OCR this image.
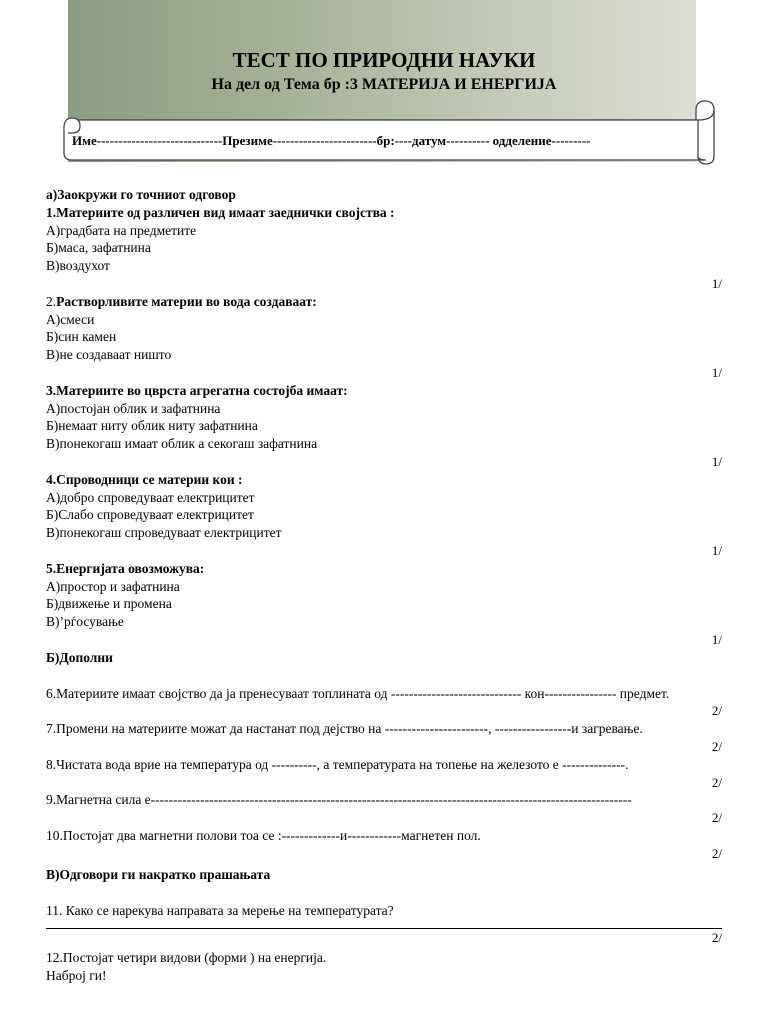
ТЕСТ ПО ПРИРОДНИ НАУКИ
На дел од Тема бр :3 МАТЕРИЈА И ЕНЕРГИЈА
Име-----------------------------Презиме------------------------бр:----датум---------- одделение---------
а)Заокружи го точниот одговор
1.Материите од различен вид имаат заеднички својства :
А)градбата на предметите
Б)маса, зафатнина
В)воздухот
1/
2.Растворливите материи во вода создаваат:
А)смеси
Б)син камен
В)не создаваат ништо
1/
3.Материите во цврста агрегатна состојба имаат:
А)постојан облик и зафатнина
Б)немаат ниту облик ниту зафатнина
В)понекогаш имаат облик а секогаш зафатнина
1/
4.Спроводници се материи кои :
А)добро спроведуваат електрицитет
Б)Слабо спроведуваат електрицитет
В)понекогаш спроведуваат електрицитет
1/
5.Енергијата овозможува:
А)простор и зафатнина
Б)движење и промена
В)’рѓосување
1/
Б)Дополни
6.Материите имаат својство да ја пренесуваат топлината од ----------------------------- кон---------------- предмет.
2/
7.Промени на материите можат да настанат под дејство на -----------------------, -----------------и загревање.
2/
8.Чистата вода врие на температура од ----------, а температурата на топење на железото е --------------.
2/
9.Магнетна сила е-----------------------------------------------------------------------------------------------------------
2/
10.Постојат два магнетни полови тоа се :-------------и------------магнетен пол.
2/
В)Одговори ги накратко прашањата
11. Како се нарекува направата за мерење на температурата?
2/
12.Постојат четири видови (форми ) на енергија.
Наброј ги!
